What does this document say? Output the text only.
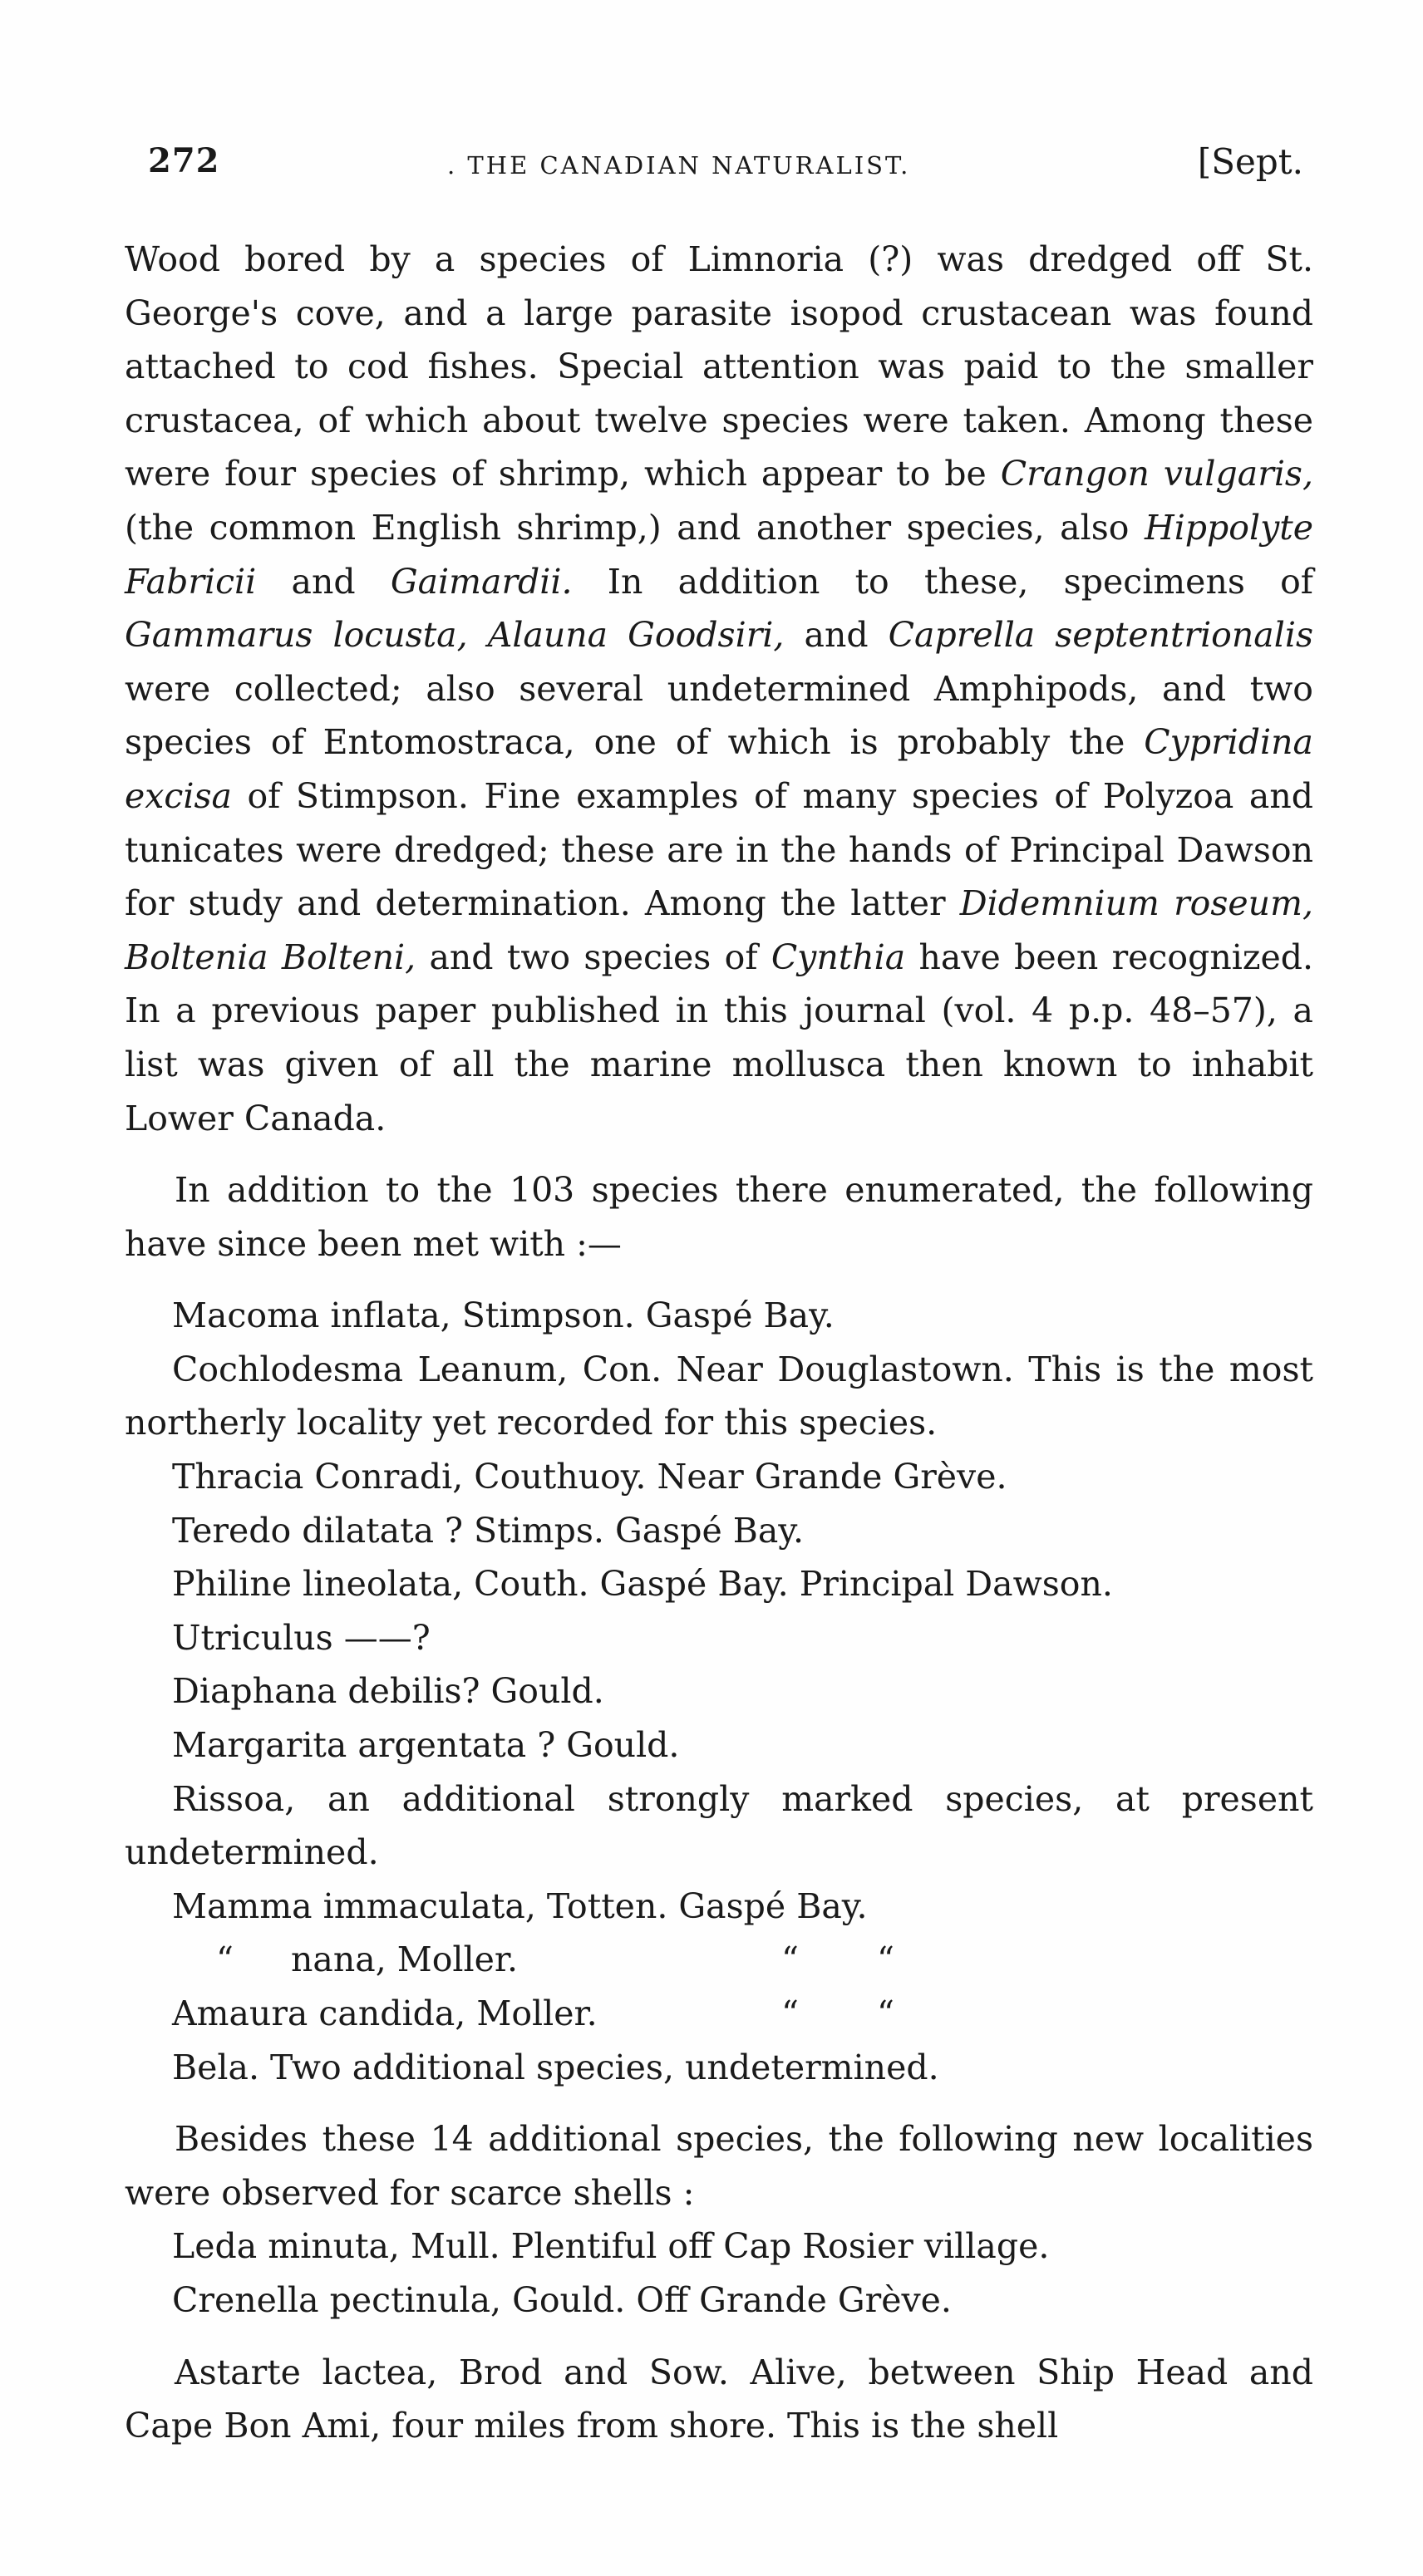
272	. THE CANADIAN NATURALIST.	[Sept.

Wood bored by a species of Limnoria (?) was dredged off St. George's cove, and a large parasite isopod crustacean was found attached to cod fishes. Special attention was paid to the smaller crustacea, of which about twelve species were taken. Among these were four species of shrimp, which appear to be Crangon vulgaris, (the common English shrimp,) and another species, also Hippolyte Fabricii and Gaimardii. In addition to these, specimens of Gammarus locusta, Alauna Goodsiri, and Caprella septentrionalis were collected; also several undetermined Amphipods, and two species of Entomostraca, one of which is probably the Cypridina excisa of Stimpson. Fine examples of many species of Polyzoa and tunicates were dredged; these are in the hands of Principal Dawson for study and determination. Among the latter Didemnium roseum, Boltenia Bolteni, and two species of Cynthia have been recognized. In a previous paper published in this journal (vol. 4 p.p. 48–57), a list was given of all the marine mollusca then known to inhabit Lower Canada.

In addition to the 103 species there enumerated, the following have since been met with :—

Macoma inflata, Stimpson. Gaspé Bay.

Cochlodesma Leanum, Con. Near Douglastown. This is the most northerly locality yet recorded for this species.

Thracia Conradi, Couthuoy. Near Grande Grève.

Teredo dilatata ? Stimps. Gaspé Bay.

Philine lineolata, Couth. Gaspé Bay. Principal Dawson.

Utriculus ——?

Diaphana debilis? Gould.

Margarita argentata ? Gould.

Rissoa, an additional strongly marked species, at present undetermined.

Mamma immaculata, Totten. Gaspé Bay.

“ nana, Moller.	“ “
Amaura candida, Moller.	“ “

Bela. Two additional species, undetermined.

Besides these 14 additional species, the following new localities were observed for scarce shells :

Leda minuta, Mull. Plentiful off Cap Rosier village.

Crenella pectinula, Gould. Off Grande Grève.

Astarte lactea, Brod and Sow. Alive, between Ship Head and Cape Bon Ami, four miles from shore. This is the shell
